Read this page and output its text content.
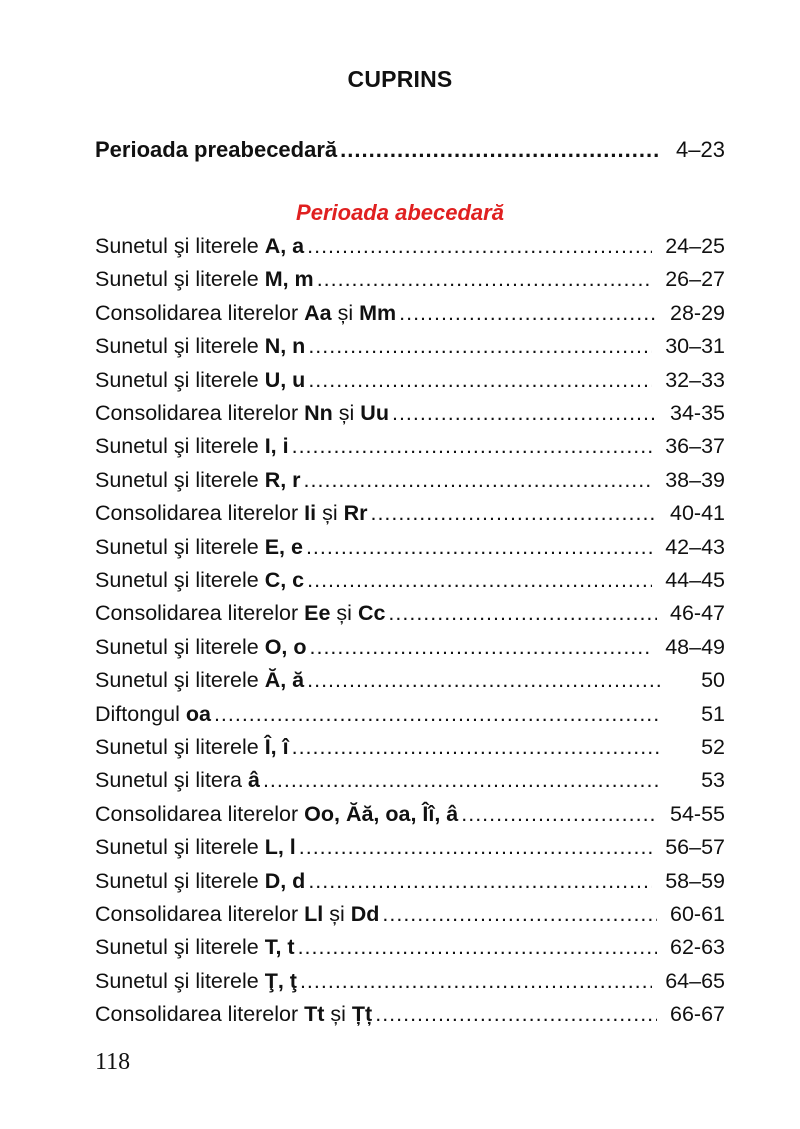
CUPRINS
Perioada preabecedară .....	4–23
Perioada abecedară
Sunetul şi literele A, a .....	24–25
Sunetul şi literele M, m .....	26–27
Consolidarea literelor Aa și Mm .....	28-29
Sunetul şi literele N, n .....	30–31
Sunetul şi literele U, u .....	32–33
Consolidarea literelor Nn și Uu .....	34-35
Sunetul şi literele I, i .....	36–37
Sunetul şi literele R, r .....	38–39
Consolidarea literelor Ii și Rr .....	40-41
Sunetul şi literele E, e .....	42–43
Sunetul şi literele C, c .....	44–45
Consolidarea literelor Ee și Cc .....	46-47
Sunetul şi literele O, o .....	48–49
Sunetul şi literele Ă, ă .....	50
Diftongul oa .....	51
Sunetul şi literele Î, î .....	52
Sunetul şi litera â .....	53
Consolidarea literelor Oo, Ăă, oa, Îî, â .....	54-55
Sunetul şi literele L, l .....	56–57
Sunetul şi literele D, d .....	58–59
Consolidarea literelor Ll și Dd .....	60-61
Sunetul şi literele T, t .....	62-63
Sunetul şi literele Ţ, ţ .....	64–65
Consolidarea literelor Tt și Țț .....	66-67
118
